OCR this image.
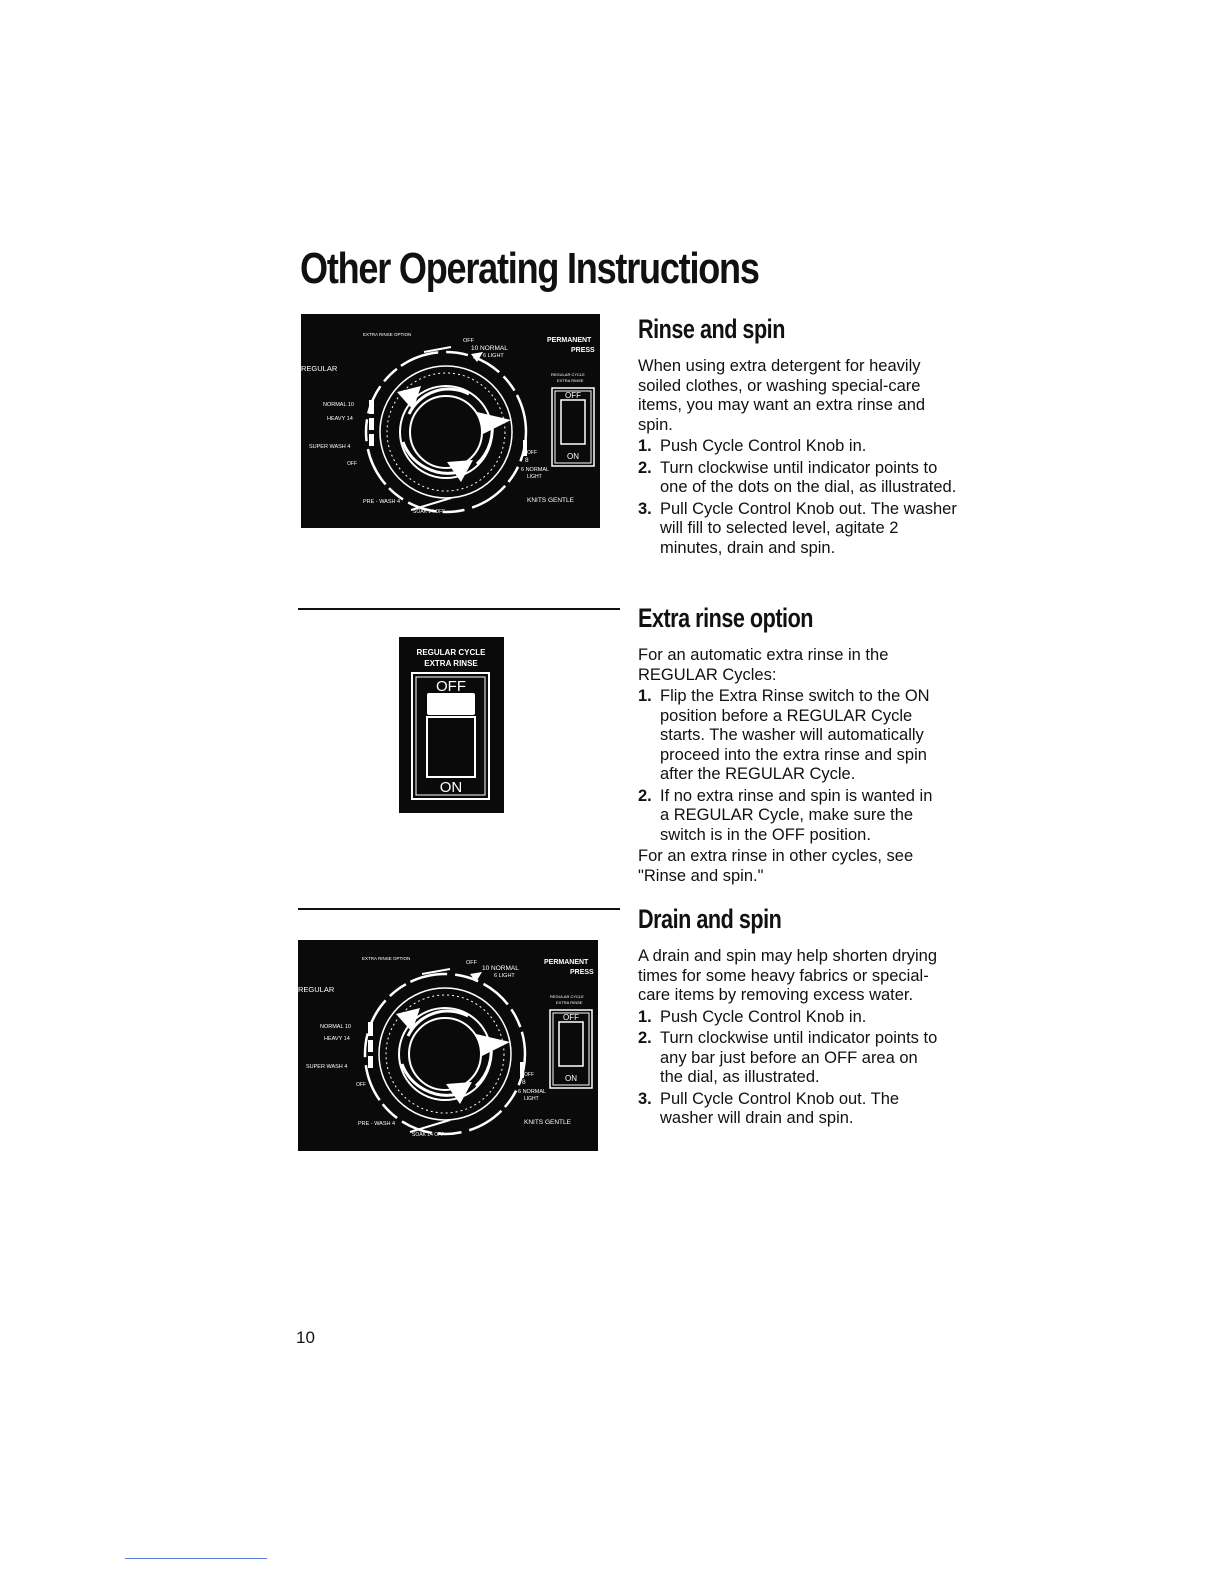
Other Operating Instructions
EXTRA RINSE OPTION
OFF
10 NORMAL
6 LIGHT
PERMANENT
PRESS
REGULAR
NORMAL 10
HEAVY 14
SUPER WASH 4
OFF
PRE - WASH 4
SOAK 14 OFF
OFF
8
6 NORMAL
LIGHT
KNITS GENTLE
REGULAR CYCLE
EXTRA RINSE
OFF
ON
Rinse and spin

When using extra detergent for heavily soiled clothes, or washing special-care items, you may want an extra rinse and spin.

1. Push Cycle Control Knob in.
2. Turn clockwise until indicator points to one of the dots on the dial, as illustrated.
3. Pull Cycle Control Knob out. The washer will fill to selected level, agitate 2 minutes, drain and spin.
REGULAR CYCLE
EXTRA RINSE
OFF
ON
Extra rinse option

For an automatic extra rinse in the REGULAR Cycles:

1. Flip the Extra Rinse switch to the ON position before a REGULAR Cycle starts. The washer will automatically proceed into the extra rinse and spin after the REGULAR Cycle.
2. If no extra rinse and spin is wanted in a REGULAR Cycle, make sure the switch is in the OFF position.

For an extra rinse in other cycles, see "Rinse and spin."

EXTRA RINSE OPTION
OFF
10 NORMAL
6 LIGHT
PERMANENT
PRESS
REGULAR
NORMAL 10
HEAVY 14
SUPER WASH 4
OFF
PRE - WASH 4
SOAK 14 OFF
OFF
8
6 NORMAL
LIGHT
KNITS GENTLE
REGULAR CYCLE
EXTRA RINSE
OFF
ON
Drain and spin

A drain and spin may help shorten drying times for some heavy fabrics or special-care items by removing excess water.

1. Push Cycle Control Knob in.
2. Turn clockwise until indicator points to any bar just before an OFF area on the dial, as illustrated.
3. Pull Cycle Control Knob out. The washer will drain and spin.
10
